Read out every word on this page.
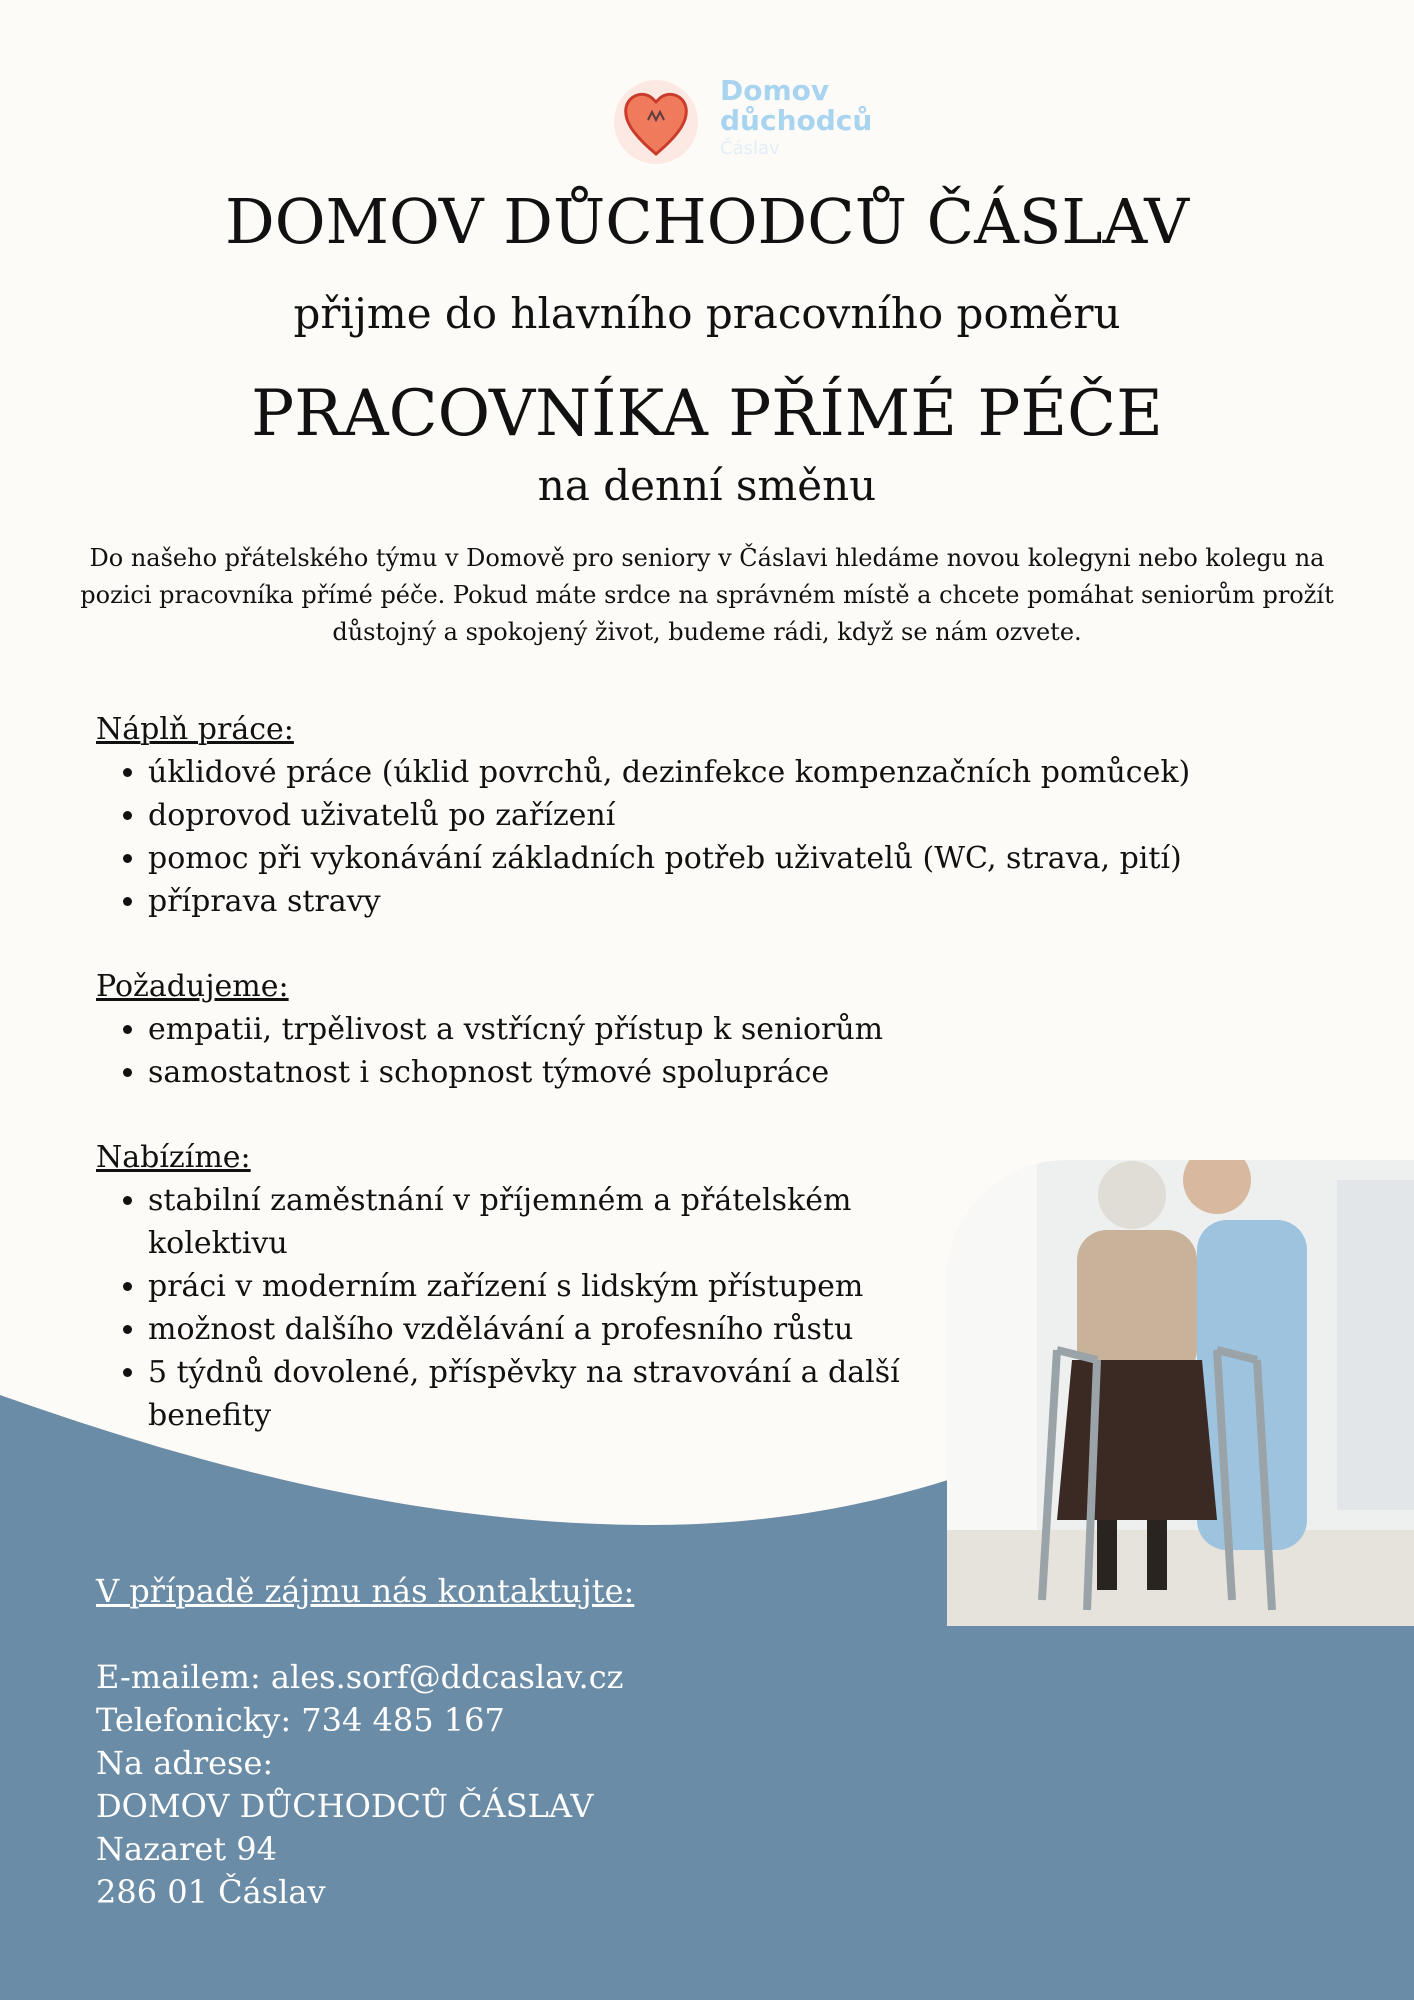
Domov
důchodců
Čáslav
DOMOV DŮCHODCŮ ČÁSLAV
přijme do hlavního pracovního poměru
PRACOVNÍKA PŘÍMÉ PÉČE
na denní směnu
Do našeho přátelského týmu v Domově pro seniory v Čáslavi hledáme novou kolegyni nebo kolegu na pozici pracovníka přímé péče. Pokud máte srdce na správném místě a chcete pomáhat seniorům prožít důstojný a spokojený život, budeme rádi, když se nám ozvete.
Náplň práce:
• úklidové práce (úklid povrchů, dezinfekce kompenzačních pomůcek)
• doprovod uživatelů po zařízení
• pomoc při vykonávání základních potřeb uživatelů (WC, strava, pití)
• příprava stravy
Požadujeme:
• empatii, trpělivost a vstřícný přístup k seniorům
• samostatnost i schopnost týmové spolupráce
Nabízíme:
• stabilní zaměstnání v příjemném a přátelském kolektivu
• práci v moderním zařízení s lidským přístupem
• možnost dalšího vzdělávání a profesního růstu
• 5 týdnů dovolené, příspěvky na stravování a další benefity
V případě zájmu nás kontaktujte:
E-mailem: ales.sorf@ddcaslav.cz
Telefonicky: 734 485 167
Na adrese:
DOMOV DŮCHODCŮ ČÁSLAV
Nazaret 94
286 01 Čáslav
